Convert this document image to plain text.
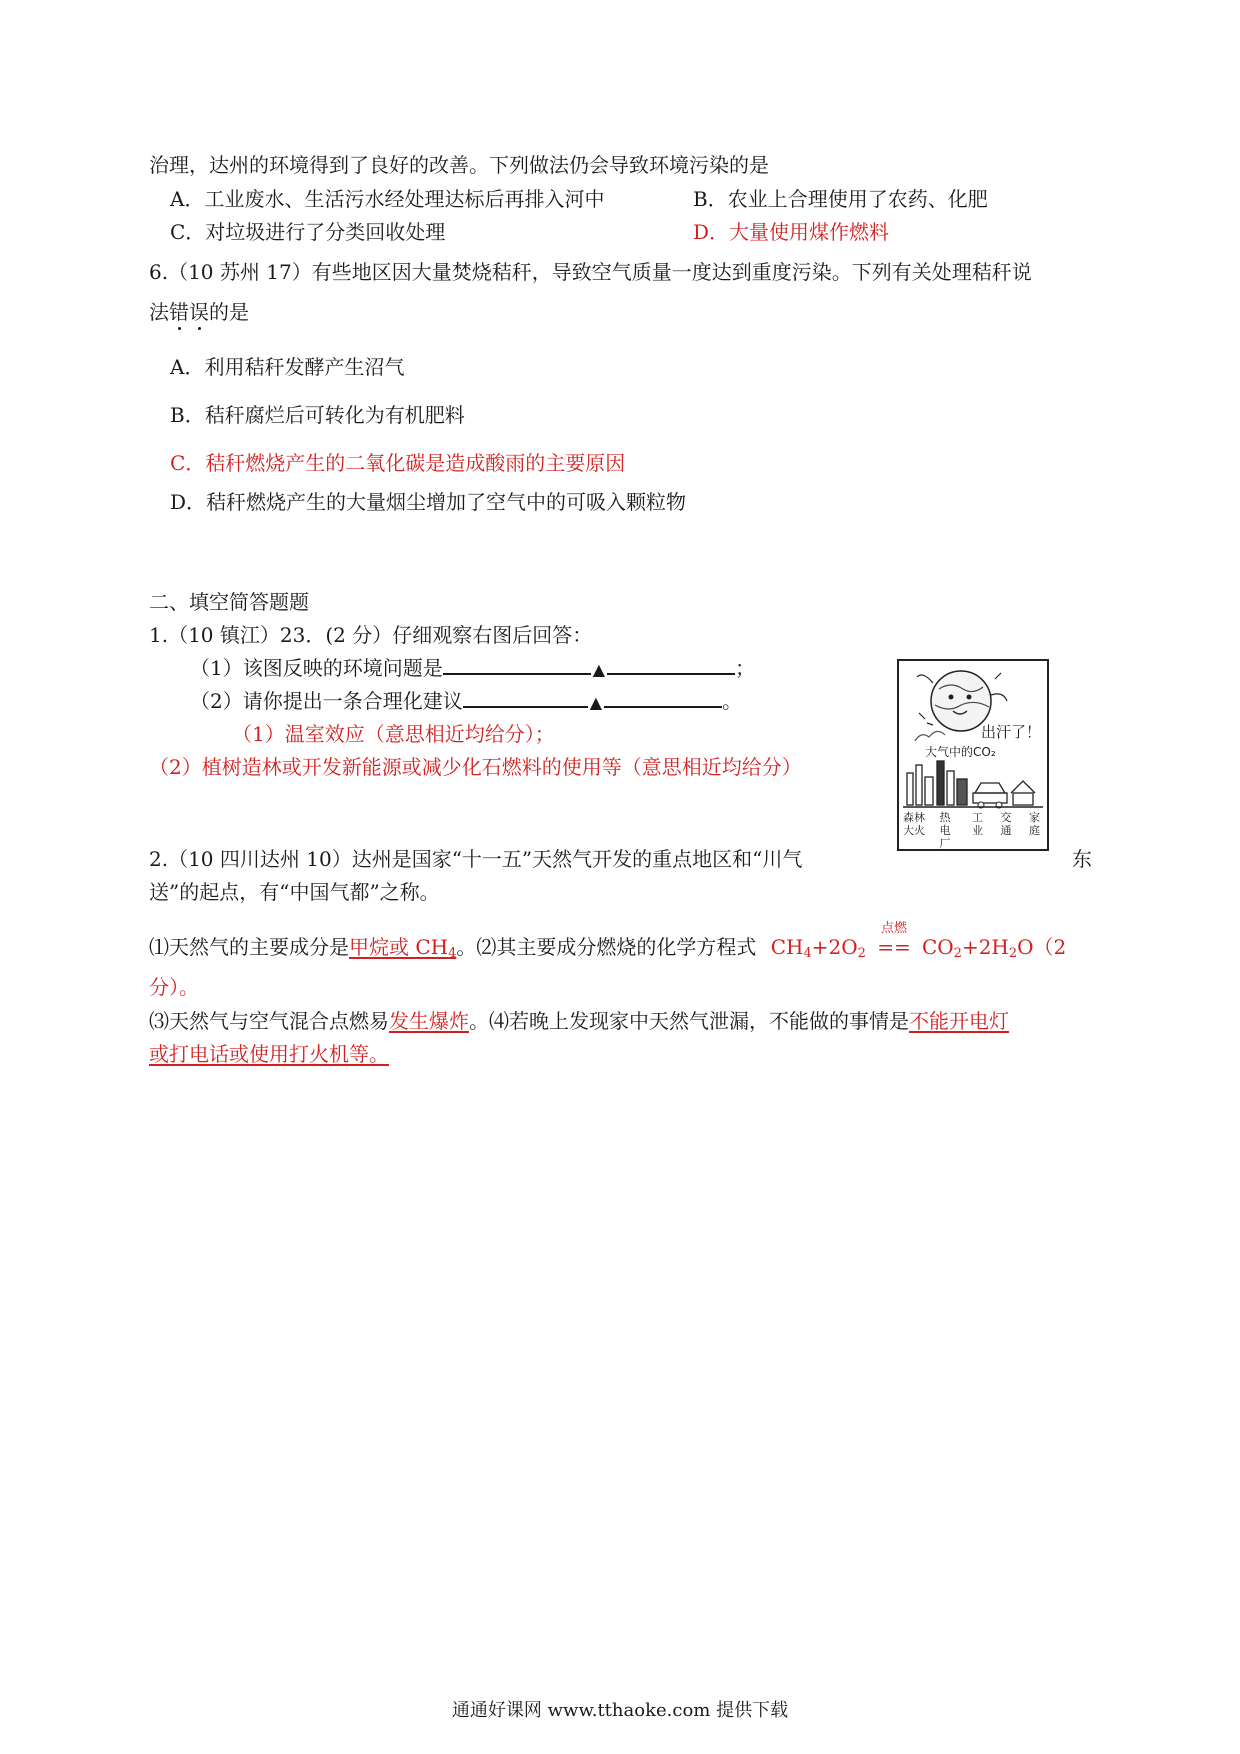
治理，达州的环境得到了良好的改善。下列做法仍会导致环境污染的是
A．工业废水、生活污水经处理达标后再排入河中	B．农业上合理使用了农药、化肥
C．对垃圾进行了分类回收处理	D．大量使用煤作燃料
6.（10 苏州 17）有些地区因大量焚烧秸秆，导致空气质量一度达到重度污染。下列有关处理秸秆说
法错误的是
A．利用秸秆发酵产生沼气
B．秸秆腐烂后可转化为有机肥料
C．秸秆燃烧产生的二氧化碳是造成酸雨的主要原因
D．秸秆燃烧产生的大量烟尘增加了空气中的可吸入颗粒物
二、填空简答题题
1.（10 镇江）23．(2 分）仔细观察右图后回答：
（1）该图反映的环境问题是	▲	；
（2）请你提出一条合理化建议	▲	。
（1）温室效应（意思相近均给分）；
（2）植树造林或开发新能源或减少化石燃料的使用等（意思相近均给分）
出汗了！
大气中的CO₂
森林大火
热电厂
工业
交通
家庭
2.（10 四川达州 10）达州是国家“十一五”天然气开发的重点地区和“川气	东
送”的起点，有“中国气都”之称。
⑴天然气的主要成分是甲烷或 $CH_4$。⑵其主要成分燃烧的化学方程式 $CH_4+2O_2$
点燃
== $CO_2+2H_2O(2$
分）。
⑶天然气与空气混合点燃易发生爆炸。⑷若晚上发现家中天然气泄漏，不能做的事情是不能开电灯
或打电话或使用打火机等。
通通好课网 www.tthaoke.com 提供下载
